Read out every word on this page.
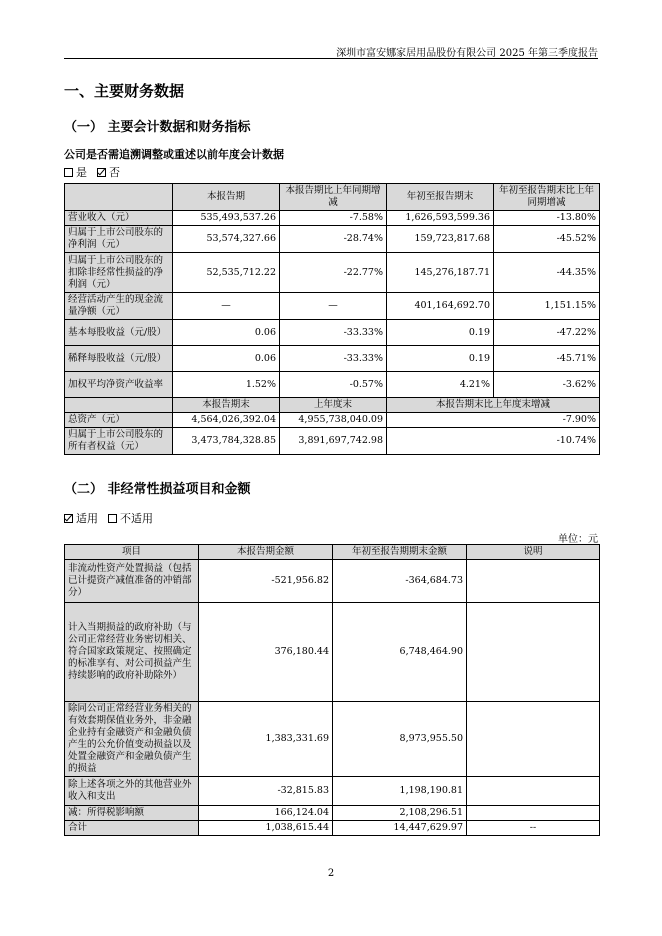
深圳市富安娜家居用品股份有限公司 2025 年第三季度报告
一、主要财务数据
（一） 主要会计数据和财务指标
公司是否需追溯调整或重述以前年度会计数据
是 否
	本报告期	本报告期比上年同期增减	年初至报告期末	年初至报告期末比上年同期增减
营业收入（元）	535,493,537.26	-7.58%	1,626,593,599.36	-13.80%
归属于上市公司股东的净利润（元）	53,574,327.66	-28.74%	159,723,817.68	-45.52%
归属于上市公司股东的扣除非经常性损益的净利润（元）	52,535,712.22	-22.77%	145,276,187.71	-44.35%
经营活动产生的现金流量净额（元）	—	—	401,164,692.70	1,151.15%
基本每股收益（元/股）	0.06	-33.33%	0.19	-47.22%
稀释每股收益（元/股）	0.06	-33.33%	0.19	-45.71%
加权平均净资产收益率	1.52%	-0.57%	4.21%	-3.62%
	本报告期末	上年度末	本报告期末比上年度末增减	
总资产（元）	4,564,026,392.04	4,955,738,040.09	-7.90%	
归属于上市公司股东的所有者权益（元）	3,473,784,328.85	3,891,697,742.98	-10.74%	
（二） 非经常性损益项目和金额
适用 不适用
单位：元
项目	本报告期金额	年初至报告期期末金额	说明
非流动性资产处置损益（包括已计提资产减值准备的冲销部分）	-521,956.82	-364,684.73	
计入当期损益的政府补助（与公司正常经营业务密切相关、符合国家政策规定、按照确定的标准享有、对公司损益产生持续影响的政府补助除外）	376,180.44	6,748,464.90	
除同公司正常经营业务相关的有效套期保值业务外，非金融企业持有金融资产和金融负债产生的公允价值变动损益以及处置金融资产和金融负债产生的损益	1,383,331.69	8,973,955.50	
除上述各项之外的其他营业外收入和支出	-32,815.83	1,198,190.81	
减：所得税影响额	166,124.04	2,108,296.51	
合计	1,038,615.44	14,447,629.97	--
2
